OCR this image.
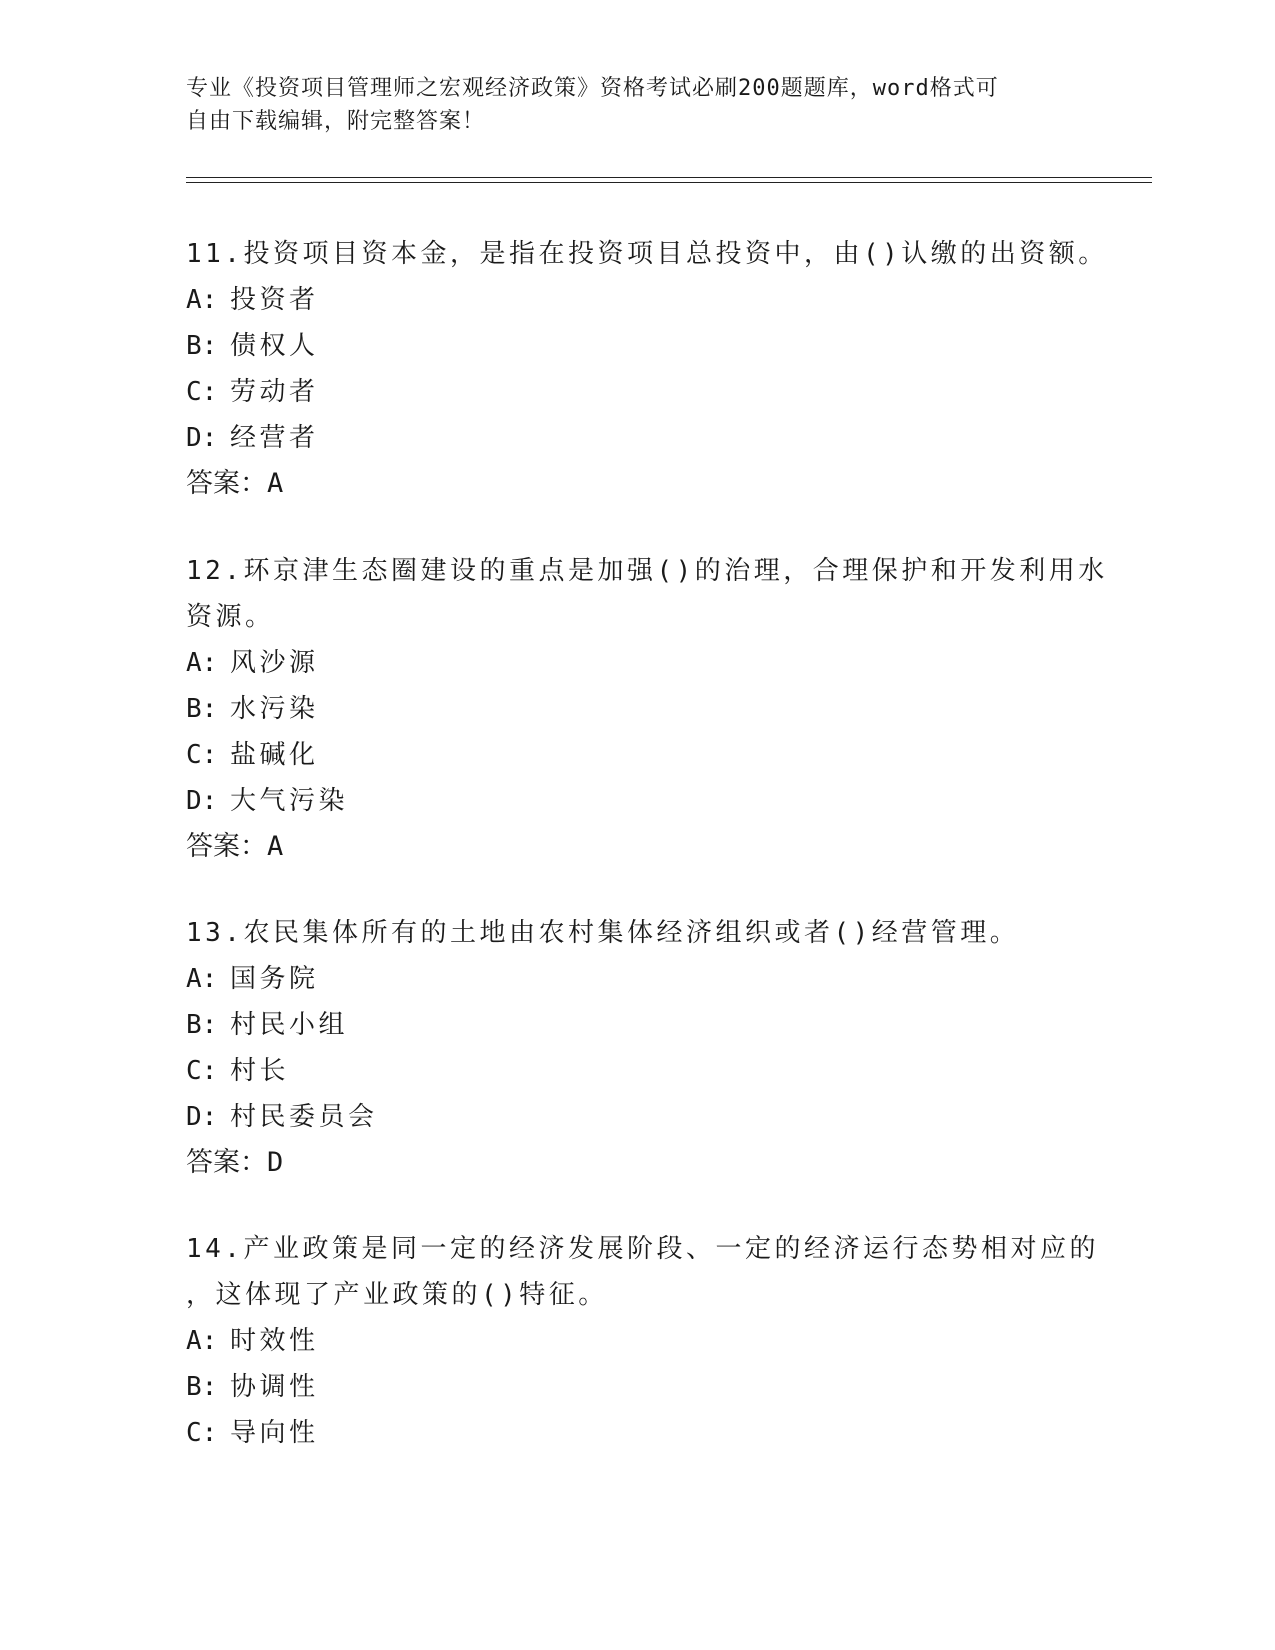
专业《投资项目管理师之宏观经济政策》资格考试必刷200题题库，word格式可
自由下载编辑，附完整答案！
11.投资项目资本金，是指在投资项目总投资中，由()认缴的出资额。
A: 投资者
B: 债权人
C: 劳动者
D: 经营者
答案：A
12.环京津生态圈建设的重点是加强()的治理，合理保护和开发利用水
资源。
A: 风沙源
B: 水污染
C: 盐碱化
D: 大气污染
答案：A
13.农民集体所有的土地由农村集体经济组织或者()经营管理。
A: 国务院
B: 村民小组
C: 村长
D: 村民委员会
答案：D
14.产业政策是同一定的经济发展阶段、一定的经济运行态势相对应的
，这体现了产业政策的()特征。
A: 时效性
B: 协调性
C: 导向性
